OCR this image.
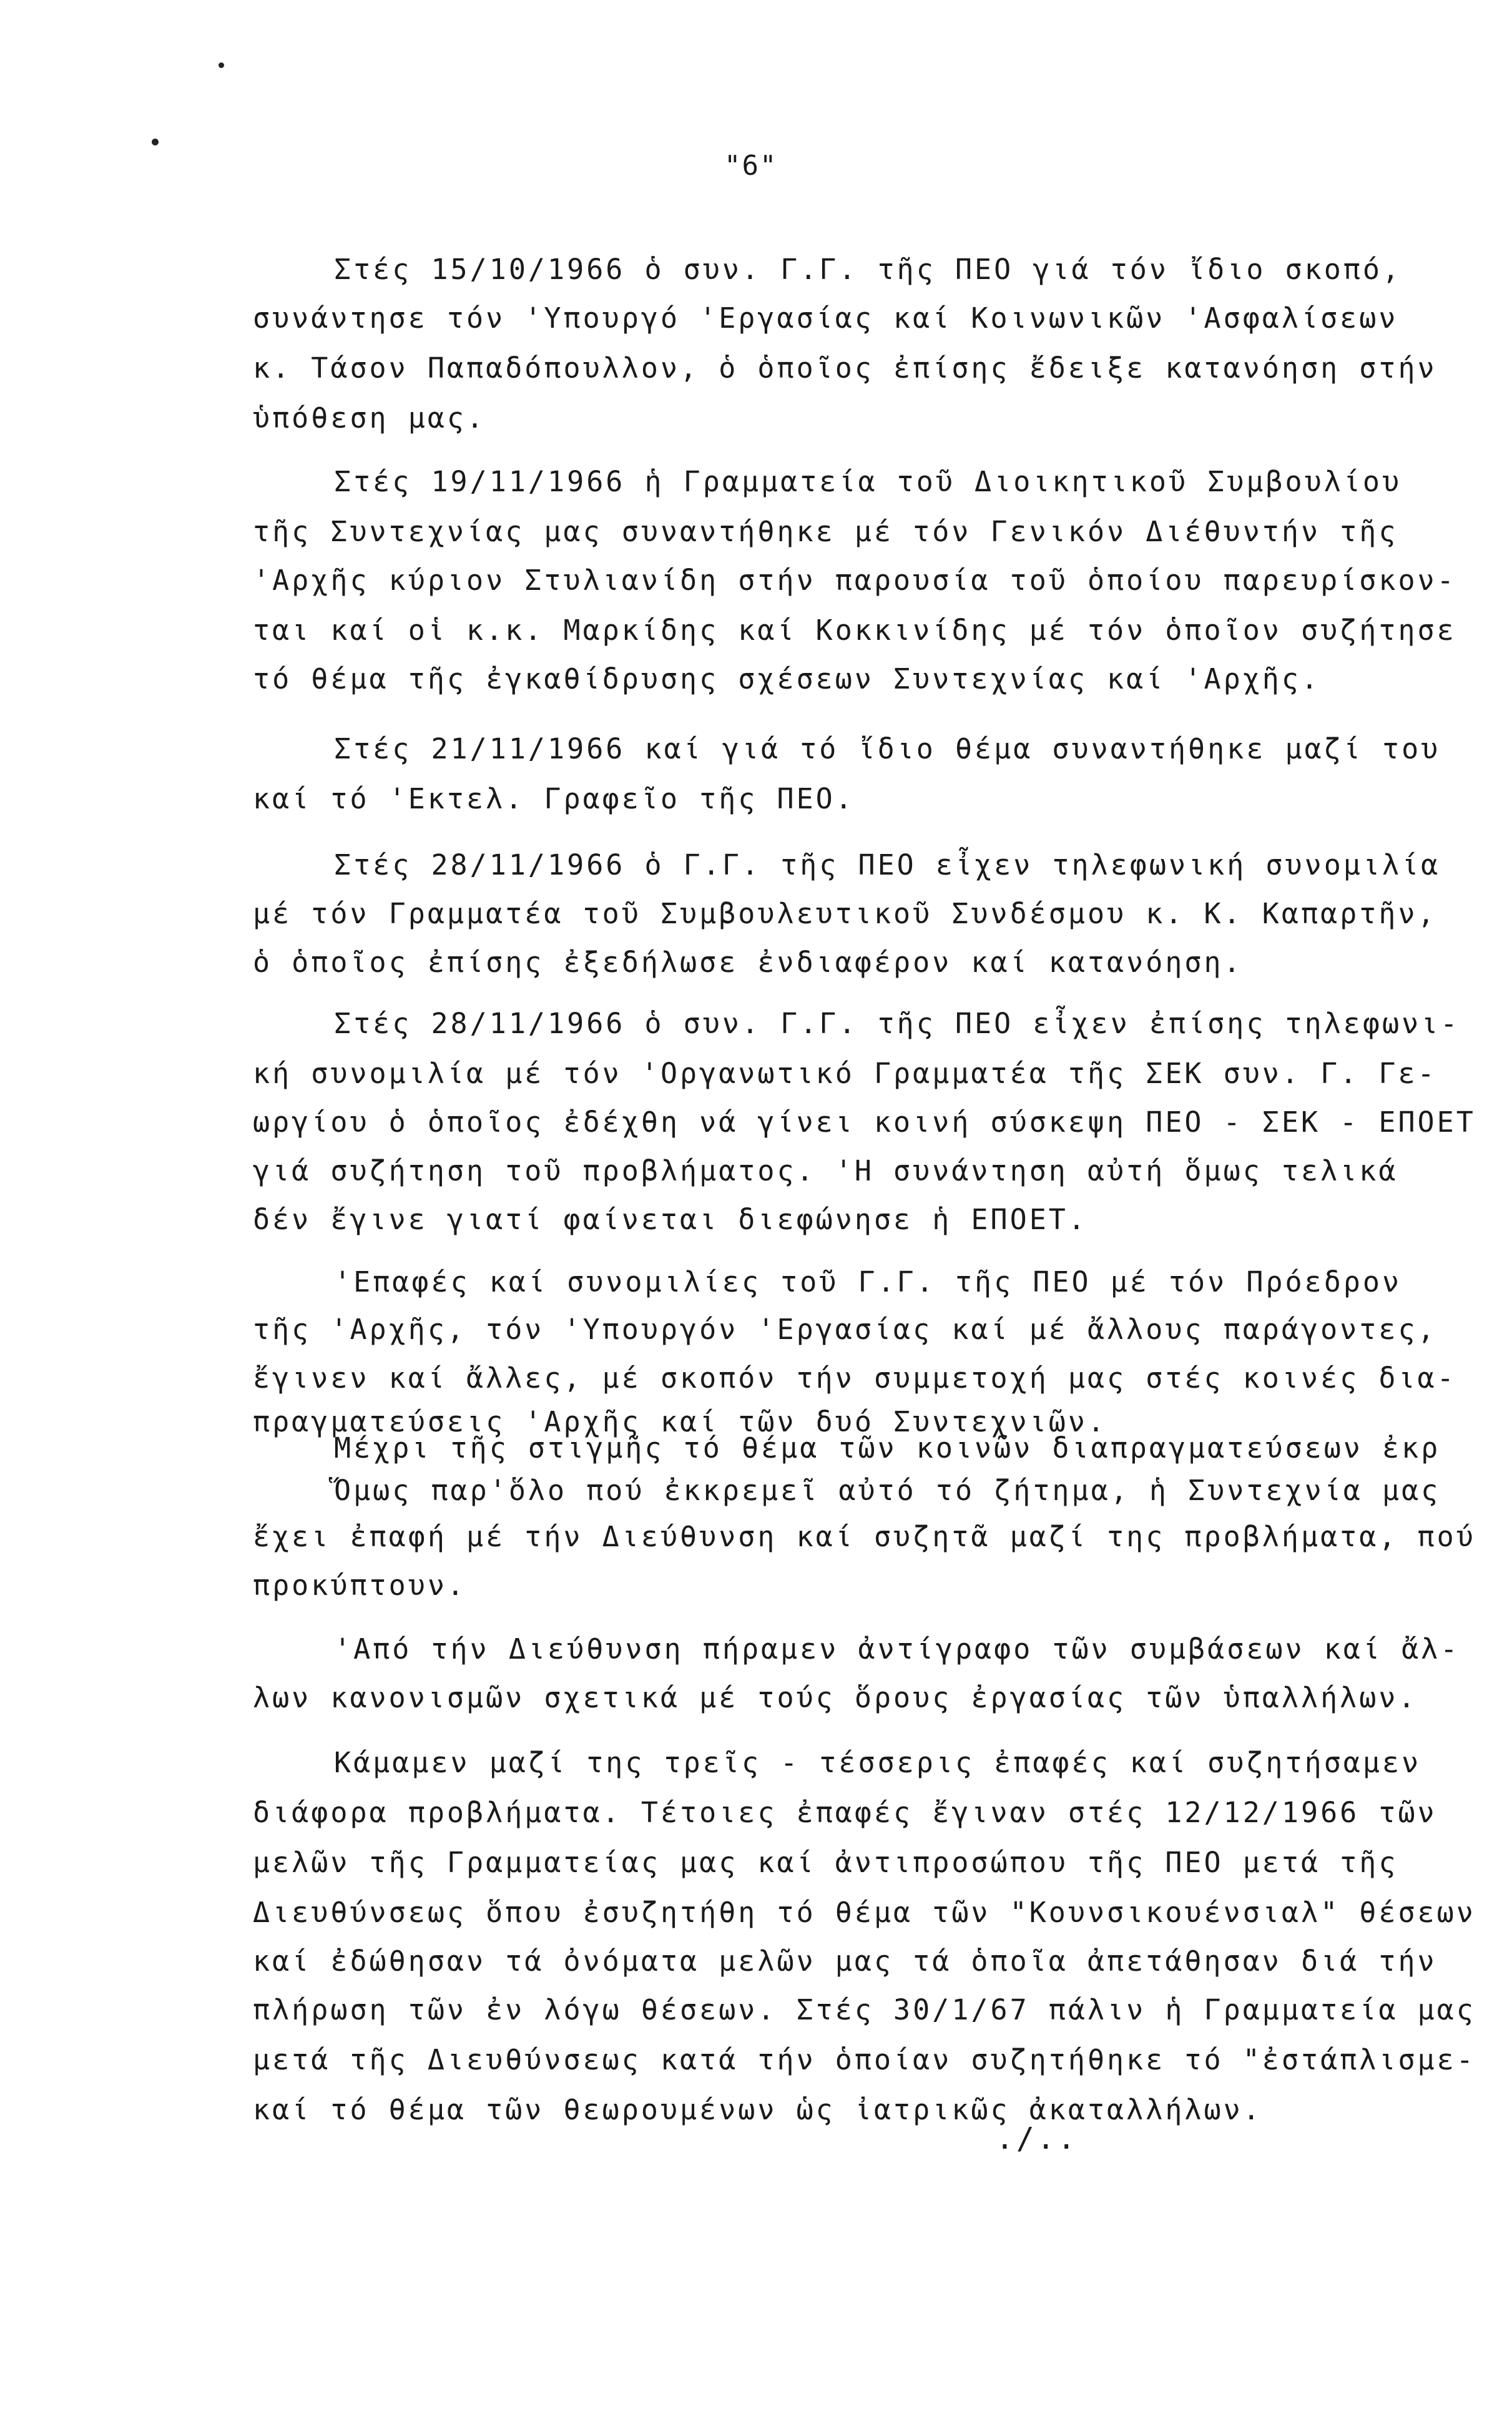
"6"
Στές 15/10/1966 ὁ συν. Γ.Γ. τῆς ΠΕΟ γιά τόν ἴδιο σκοπό,
συνάντησε τόν 'Υπουργό 'Εργασίας καί Κοινωνικῶν 'Ασφαλίσεων
κ. Τάσον Παπαδόπουλλον, ὁ ὁποῖος ἐπίσης ἔδειξε κατανόηση στήν
ὑπόθεση μας.
Στές 19/11/1966 ἡ Γραμματεία τοῦ Διοικητικοῦ Συμβουλίου
τῆς Συντεχνίας μας συναντήθηκε μέ τόν Γενικόν Διέθυντήν τῆς
'Αρχῆς κύριον Στυλιανίδη στήν παρουσία τοῦ ὁποίου παρευρίσκον-
ται καί οἱ κ.κ. Μαρκίδης καί Κοκκινίδης μέ τόν ὁποῖον συζήτησε
τό θέμα τῆς ἐγκαθίδρυσης σχέσεων Συντεχνίας καί 'Αρχῆς.
Στές 21/11/1966 καί γιά τό ἴδιο θέμα συναντήθηκε μαζί του
καί τό 'Εκτελ. Γραφεῖο τῆς ΠΕΟ.
Στές 28/11/1966 ὁ Γ.Γ. τῆς ΠΕΟ εἶχεν τηλεφωνική συνομιλία
μέ τόν Γραμματέα τοῦ Συμβουλευτικοῦ Συνδέσμου κ. Κ. Καπαρτῆν,
ὁ ὁποῖος ἐπίσης ἐξεδήλωσε ἐνδιαφέρον καί κατανόηση.
Στές 28/11/1966 ὁ συν. Γ.Γ. τῆς ΠΕΟ εἶχεν ἐπίσης τηλεφωνι-
κή συνομιλία μέ τόν 'Οργανωτικό Γραμματέα τῆς ΣΕΚ συν. Γ. Γε-
ωργίου ὁ ὁποῖος ἐδέχθη νά γίνει κοινή σύσκεψη ΠΕΟ - ΣΕΚ - ΕΠΟΕΤ
γιά συζήτηση τοῦ προβλήματος. 'Η συνάντηση αὐτή ὅμως τελικά
δέν ἔγινε γιατί φαίνεται διεφώνησε ἡ ΕΠΟΕΤ.
'Επαφές καί συνομιλίες τοῦ Γ.Γ. τῆς ΠΕΟ μέ τόν Πρόεδρον
τῆς 'Αρχῆς, τόν 'Υπουργόν 'Εργασίας καί μέ ἄλλους παράγοντες,
ἔγινεν καί ἄλλες, μέ σκοπόν τήν συμμετοχή μας στές κοινές δια-
πραγματεύσεις 'Αρχῆς καί τῶν δυό Συντεχνιῶν.
Μέχρι τῆς στιγμῆς τό θέμα τῶν κοινῶν διαπραγματεύσεων ἐκρ
Ὅμως παρ'ὅλο πού ἐκκρεμεῖ αὐτό τό ζήτημα, ἡ Συντεχνία μας
ἔχει ἐπαφή μέ τήν Διεύθυνση καί συζητᾶ μαζί της προβλήματα, πού
προκύπτουν.
'Από τήν Διεύθυνση πήραμεν ἀντίγραφο τῶν συμβάσεων καί ἄλ-
λων κανονισμῶν σχετικά μέ τούς ὅρους ἐργασίας τῶν ὑπαλλήλων.
Κάμαμεν μαζί της τρεῖς - τέσσερις ἐπαφές καί συζητήσαμεν
διάφορα προβλήματα. Τέτοιες ἐπαφές ἔγιναν στές 12/12/1966 τῶν
μελῶν τῆς Γραμματείας μας καί ἀντιπροσώπου τῆς ΠΕΟ μετά τῆς
Διευθύνσεως ὅπου ἐσυζητήθη τό θέμα τῶν "Κουνσικουένσιαλ" θέσεων
καί ἐδώθησαν τά ὀνόματα μελῶν μας τά ὁποῖα ἀπετάθησαν διά τήν
πλήρωση τῶν ἐν λόγω θέσεων. Στές 30/1/67 πάλιν ἡ Γραμματεία μας
μετά τῆς Διευθύνσεως κατά τήν ὁποίαν συζητήθηκε τό "ἐστάπλισμε-
καί τό θέμα τῶν θεωρουμένων ὡς ἰατρικῶς ἀκαταλλήλων.
./..
